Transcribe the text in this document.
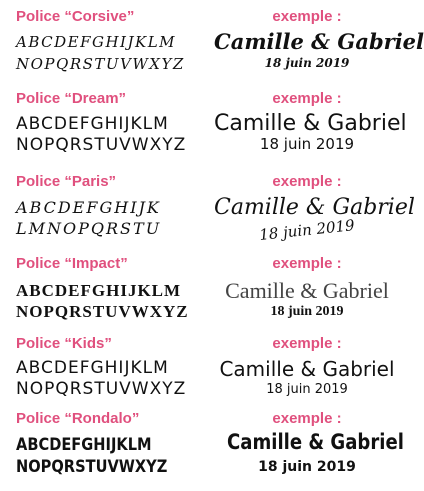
Police “Corsive”
ABCDEFGHIJKLM
NOPQRSTUVWXYZ
exemple :
Camille & Gabriel
18 juin 2019
Police “Dream”
ABCDEFGHIJKLM
NOPQRSTUVWXYZ
exemple :
Camille & Gabriel
18 juin 2019
Police “Paris”
ABCDEFGHIJK
LMNOPQRSTU
exemple :
Camille & Gabriel
18 juin 2019
Police “Impact”
ABCDEFGHIJKLM
NOPQRSTUVWXYZ
exemple :
Camille & Gabriel
18 juin 2019
Police “Kids”
ABCDEFGHIJKLM
NOPQRSTUVWXYZ
exemple :
Camille & Gabriel
18 juin 2019
Police “Rondalo”
ABCDEFGHIJKLM
NOPQRSTUVWXYZ
exemple :
Camille & Gabriel
18 juin 2019
